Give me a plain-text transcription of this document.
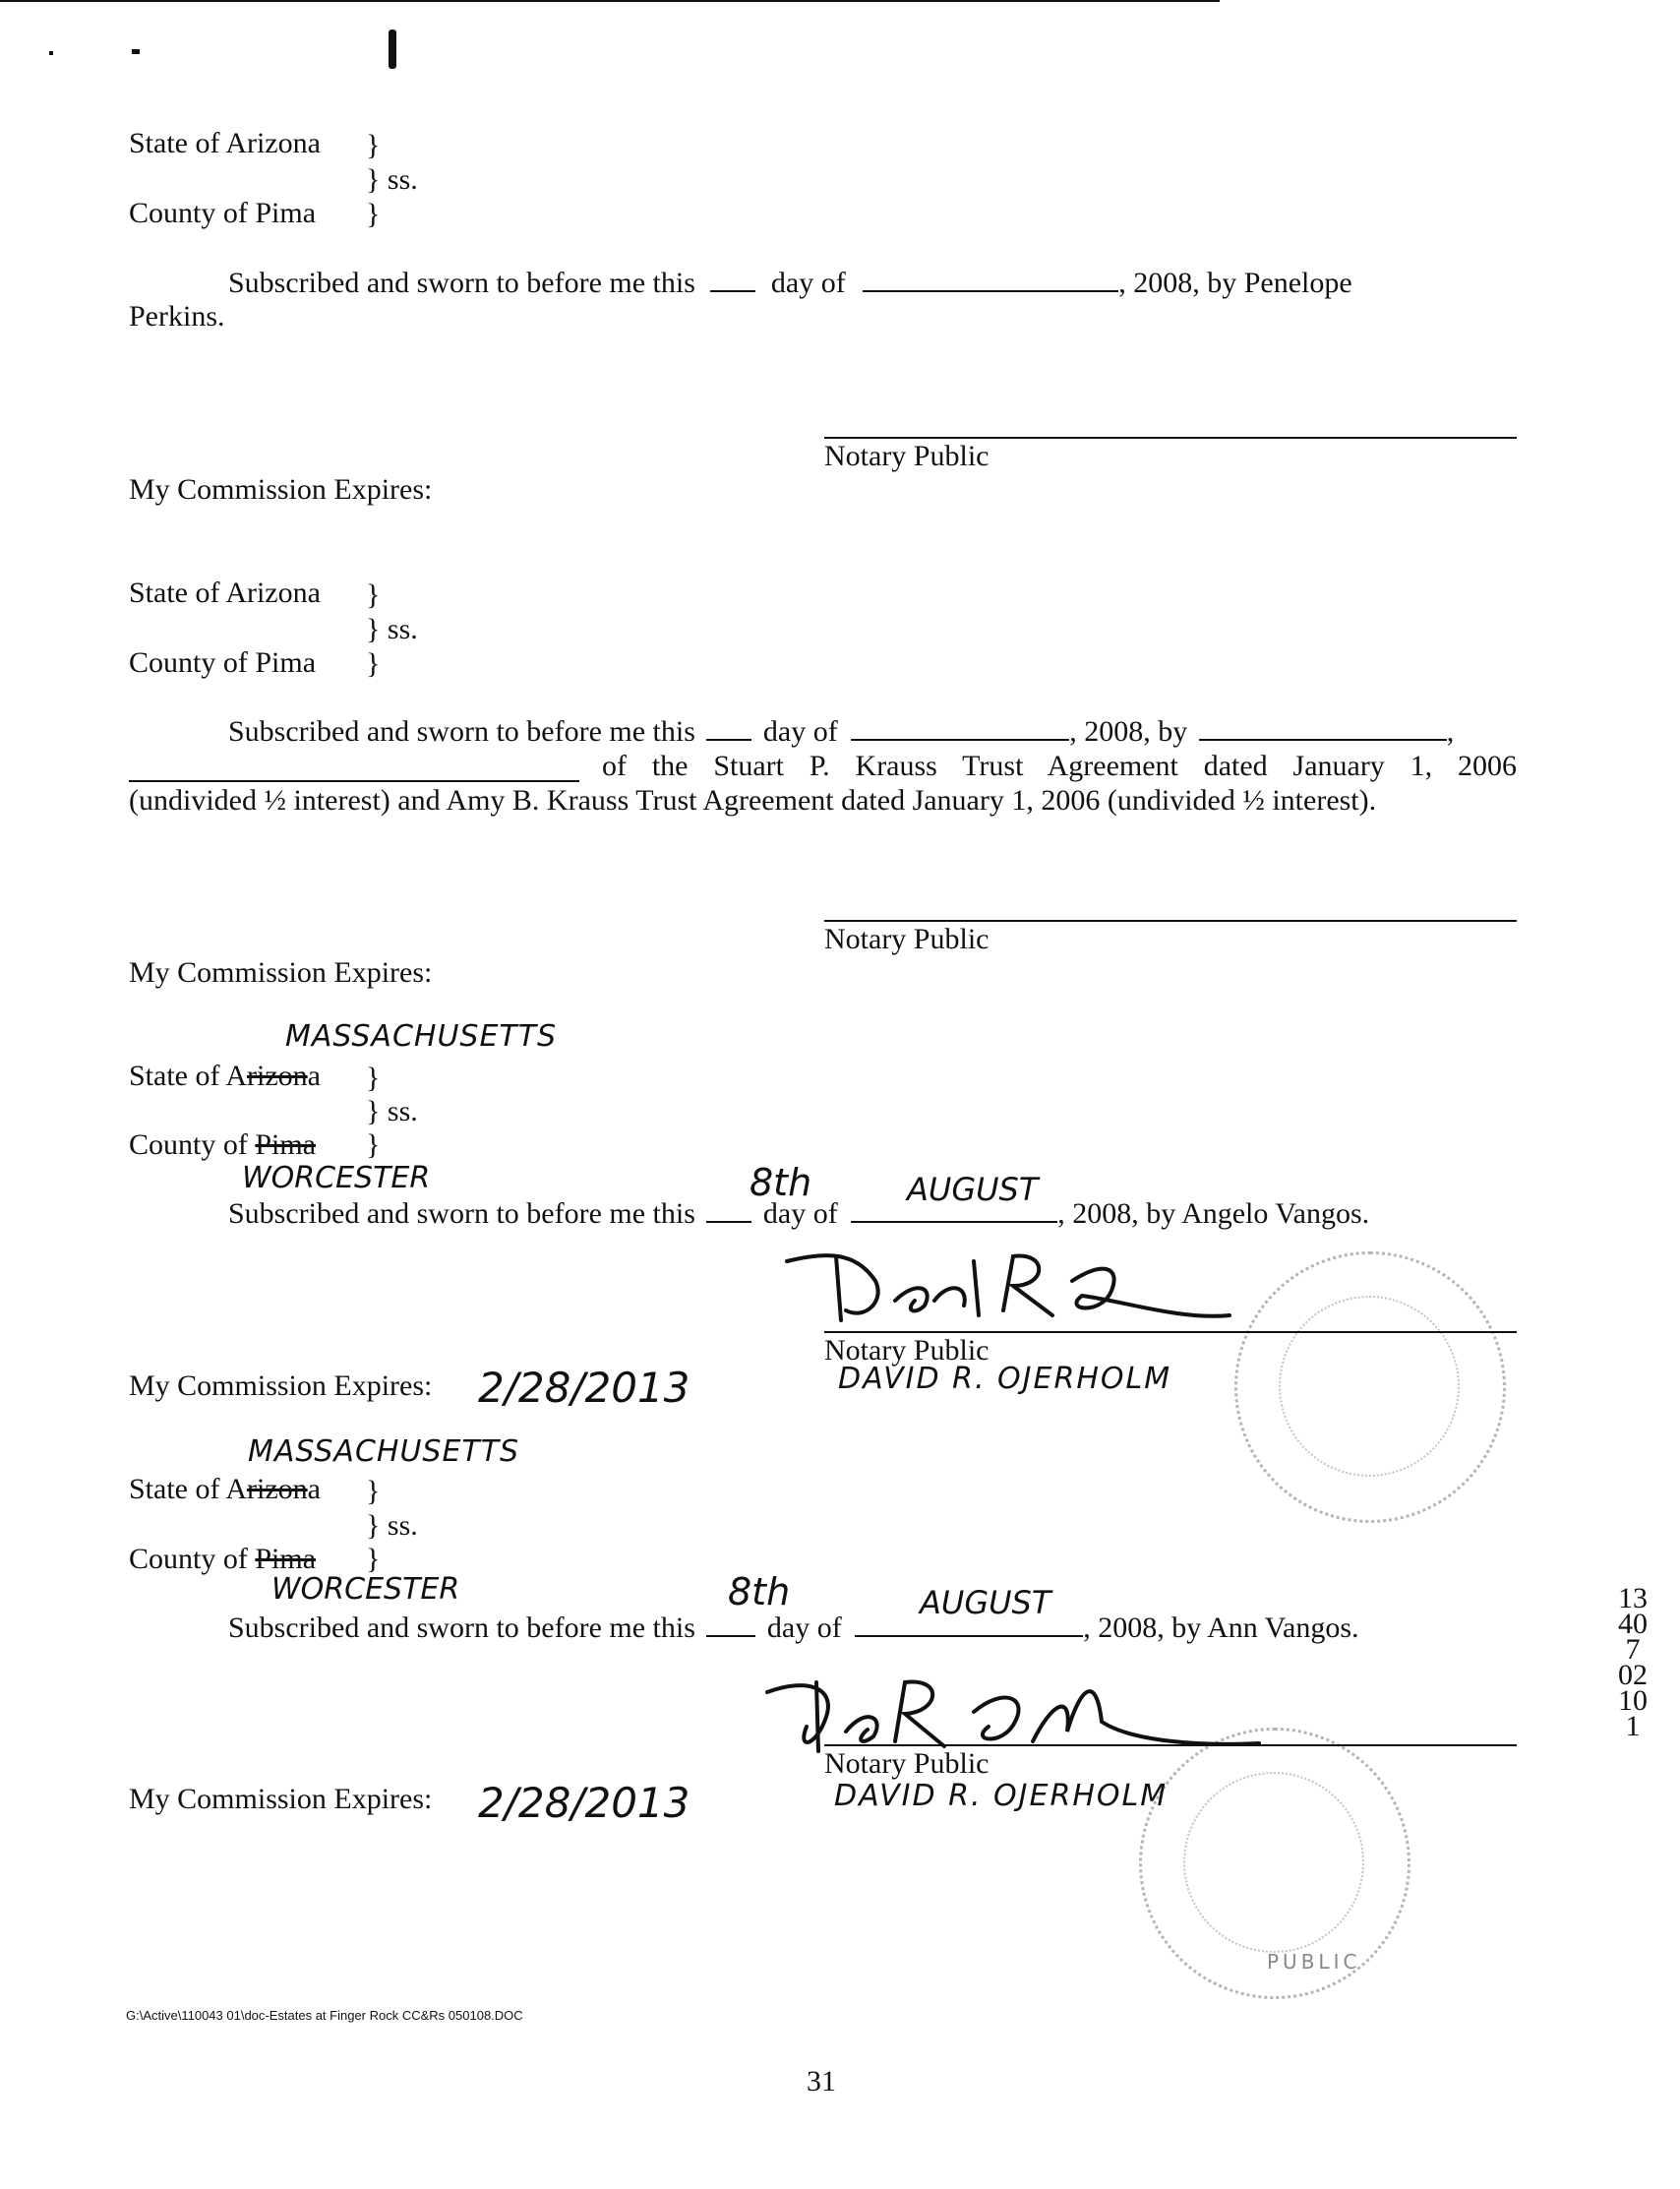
State of Arizona }
} ss.
County of Pima }
Subscribed and sworn to before me this	day of	, 2008, by Penelope
Perkins.
Notary Public
My Commission Expires:
State of Arizona }
} ss.
County of Pima }
Subscribed and sworn to before me this day of	, 2008, by	,
of the Stuart P. Krauss Trust Agreement dated January 1, 2006
(undivided ½ interest) and Amy B. Krauss Trust Agreement dated January 1, 2006 (undivided ½ interest).
Notary Public
My Commission Expires:
MASSACHUSETTS
State of Arizona }
} ss.
County of Pima }
WORCESTER	8th	AUGUST
Subscribed and sworn to before me this day of	, 2008, by Angelo Vangos.
Notary Public
DAVID R. OJERHOLM
My Commission Expires: 2/28/2013
MASSACHUSETTS
State of Arizona }
} ss.
County of Pima }
WORCESTER	8th	AUGUST
Subscribed and sworn to before me this day of	, 2008, by Ann Vangos.
PUBLIC
Notary Public
DAVID R. OJERHOLM
My Commission Expires: 2/28/2013
13407 02101
G:\Active\110043 01\doc-Estates at Finger Rock CC&Rs 050108.DOC
31
